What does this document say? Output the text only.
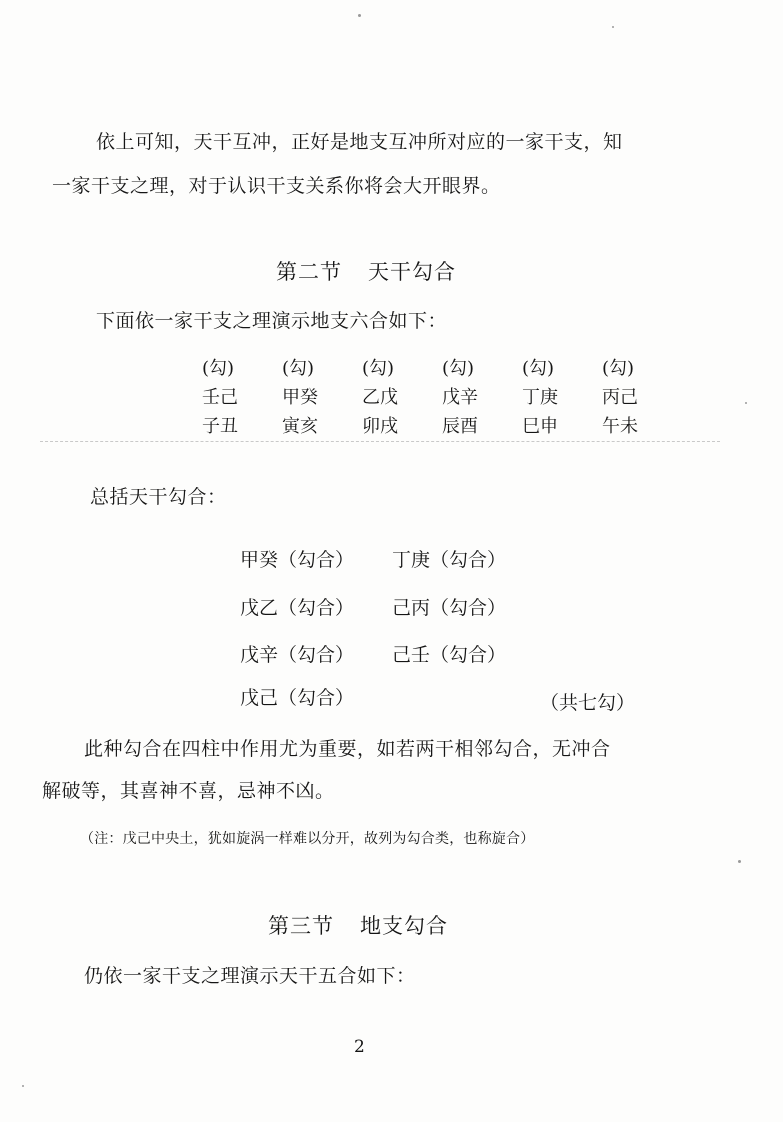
依上可知，天干互冲，正好是地支互冲所对应的一家干支，知
一家干支之理，对于认识干支关系你将会大开眼界。
第二节 天干勾合
下面依一家干支之理演示地支六合如下：
(勾)	(勾)	(勾)	(勾)	(勾)	(勾)
壬己	甲癸	乙戊	戊辛	丁庚	丙己
子丑	寅亥	卯戌	辰酉	巳申	午未
总括天干勾合：
甲癸（勾合） 丁庚（勾合）
戊乙（勾合） 己丙（勾合）
戊辛（勾合） 己壬（勾合）
戊己（勾合）	（共七勾）
此种勾合在四柱中作用尤为重要，如若两干相邻勾合，无冲合
解破等，其喜神不喜，忌神不凶。
（注：戊己中央土，犹如旋涡一样难以分开，故列为勾合类，也称旋合）
第三节 地支勾合
仍依一家干支之理演示天干五合如下：
2
